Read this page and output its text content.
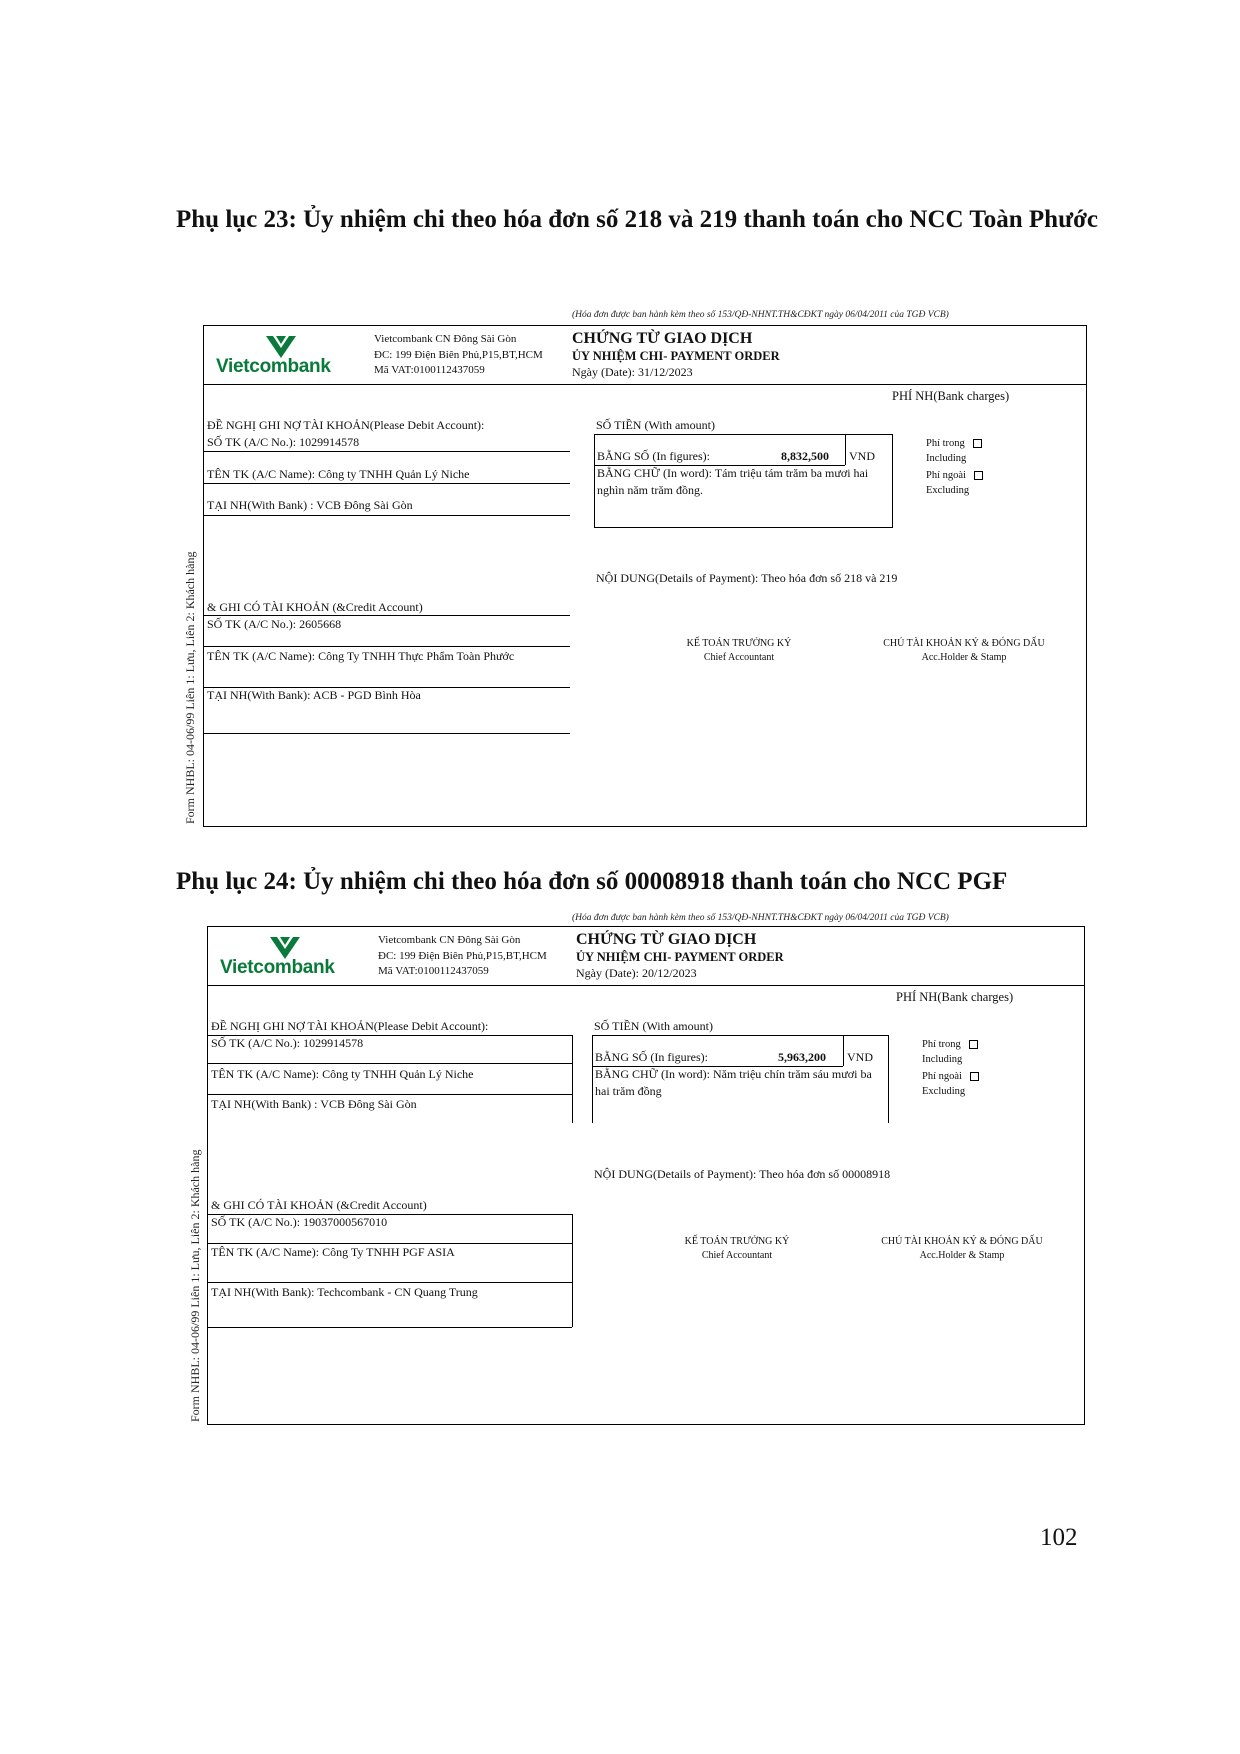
Phụ lục 23: Ủy nhiệm chi theo hóa đơn số 218 và 219 thanh toán cho NCC Toàn Phước
(Hóa đơn được ban hành kèm theo số 153/QĐ-NHNT.TH&CĐKT ngày 06/04/2011 của TGĐ VCB)
Form NHBL: 04-06/99 Liên 1: Lưu, Liên 2: Khách hàng
Vietcombank
Vietcombank CN Đông Sài Gòn
ĐC: 199 Điện Biên Phủ,P15,BT,HCM
Mã VAT:0100112437059
CHỨNG TỪ GIAO DỊCH
ỦY NHIỆM CHI- PAYMENT ORDER
Ngày (Date): 31/12/2023
PHÍ NH(Bank charges)
ĐỀ NGHỊ GHI NỢ TÀI KHOẢN(Please Debit Account):
SỐ TK (A/C No.): 1029914578
TÊN TK (A/C Name): Công ty TNHH Quản Lý Niche
TẠI NH(With Bank) : VCB Đông Sài Gòn
& GHI CÓ TÀI KHOẢN (&Credit Account)
SỐ TK (A/C No.): 2605668
TÊN TK (A/C Name): Công Ty TNHH Thực Phẩm Toàn Phước
TẠI NH(With Bank): ACB - PGD Bình Hòa
SỐ TIỀN (With amount)
BẰNG SỐ (In figures):	8,832,500 VND
BẰNG CHỮ (In word): Tám triệu tám trăm ba mươi hai nghìn năm trăm đồng.
Phí trong
Including
Phí ngoài
Excluding
NỘI DUNG(Details of Payment): Theo hóa đơn số 218 và 219
KẾ TOÁN TRƯỞNG KÝ
Chief Accountant
CHỦ TÀI KHOẢN KÝ & ĐÓNG DẤU
Acc.Holder & Stamp
Phụ lục 24: Ủy nhiệm chi theo hóa đơn số 00008918 thanh toán cho NCC PGF
(Hóa đơn được ban hành kèm theo số 153/QĐ-NHNT.TH&CĐKT ngày 06/04/2011 của TGĐ VCB)
Form NHBL: 04-06/99 Liên 1: Lưu, Liên 2: Khách hàng
Vietcombank
Vietcombank CN Đông Sài Gòn
ĐC: 199 Điện Biên Phủ,P15,BT,HCM
Mã VAT:0100112437059
CHỨNG TỪ GIAO DỊCH
ỦY NHIỆM CHI- PAYMENT ORDER
Ngày (Date): 20/12/2023
PHÍ NH(Bank charges)
ĐỀ NGHỊ GHI NỢ TÀI KHOẢN(Please Debit Account):
SỐ TK (A/C No.): 1029914578
TÊN TK (A/C Name): Công ty TNHH Quản Lý Niche
TẠI NH(With Bank) : VCB Đông Sài Gòn
& GHI CÓ TÀI KHOẢN (&Credit Account)
SỐ TK (A/C No.): 19037000567010
TÊN TK (A/C Name): Công Ty TNHH PGF ASIA
TẠI NH(With Bank): Techcombank - CN Quang Trung
SỐ TIỀN (With amount)
BẰNG SỐ (In figures):	5,963,200 VND
BẰNG CHỮ (In word): Năm triệu chín trăm sáu mươi ba hai trăm đồng
Phí trong
Including
Phí ngoài
Excluding
NỘI DUNG(Details of Payment): Theo hóa đơn số 00008918
KẾ TOÁN TRƯỞNG KÝ
Chief Accountant
CHỦ TÀI KHOẢN KÝ & ĐÓNG DẤU
Acc.Holder & Stamp
102
